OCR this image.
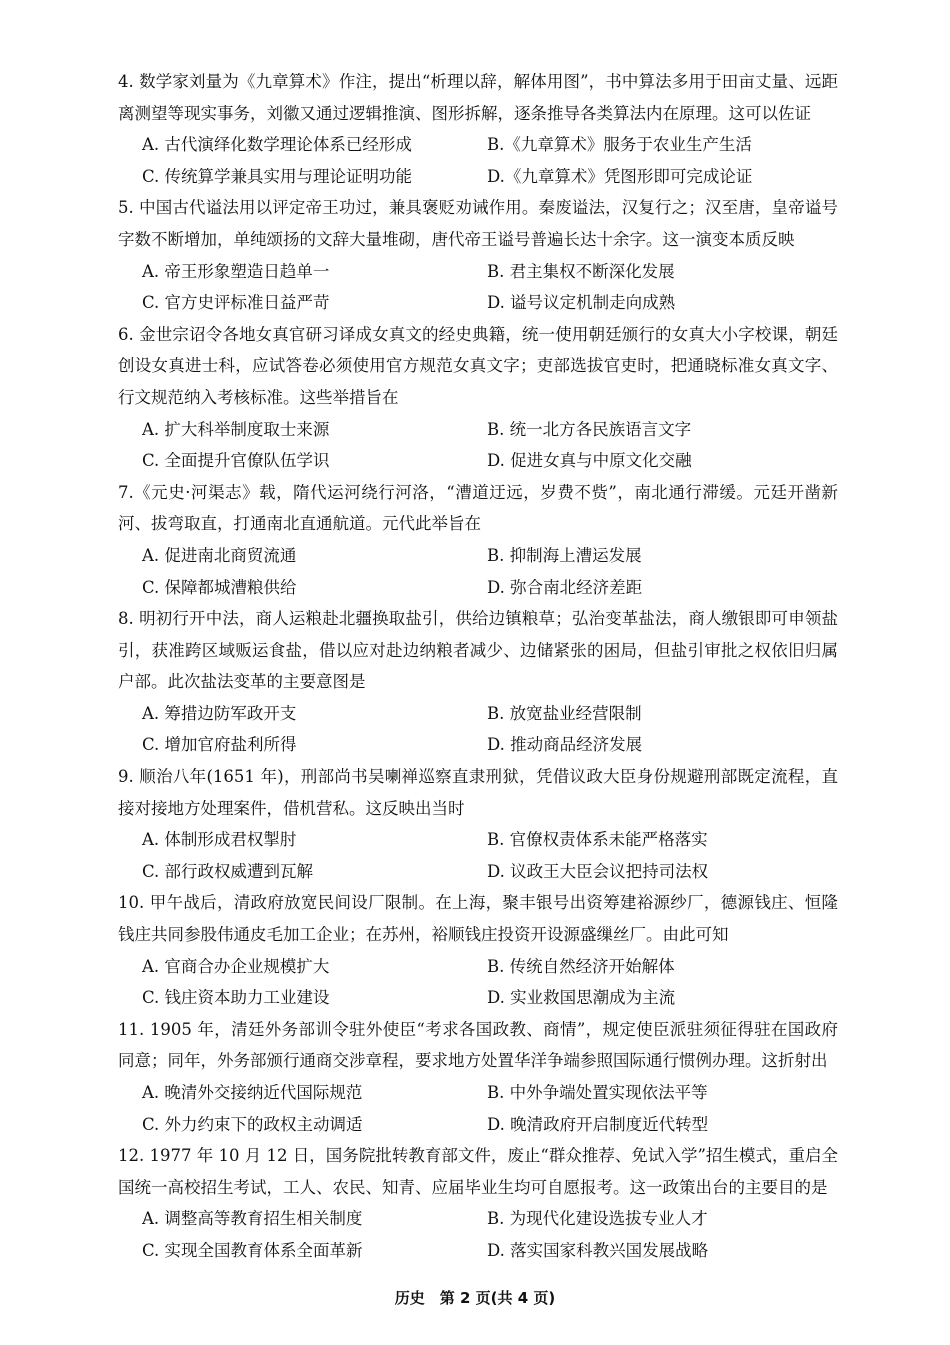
4. 数学家刘量为《九章算术》作注，提出“析理以辞，解体用图”，书中算法多用于田亩丈量、远距离测望等现实事务，刘徽又通过逻辑推演、图形拆解，逐条推导各类算法内在原理。这可以佐证

A. 古代演绎化数学理论体系已经形成	B.《九章算术》服务于农业生产生活
C. 传统算学兼具实用与理论证明功能	D.《九章算术》凭图形即可完成论证

5. 中国古代谥法用以评定帝王功过，兼具褒贬劝诫作用。秦废谥法，汉复行之；汉至唐，皇帝谥号字数不断增加，单纯颂扬的文辞大量堆砌，唐代帝王谥号普遍长达十余字。这一演变本质反映

A. 帝王形象塑造日趋单一	B. 君主集权不断深化发展
C. 官方史评标准日益严苛	D. 谥号议定机制走向成熟

6. 金世宗诏令各地女真官研习译成女真文的经史典籍，统一使用朝廷颁行的女真大小字校课，朝廷创设女真进士科，应试答卷必须使用官方规范女真文字；吏部选拔官吏时，把通晓标准女真文字、行文规范纳入考核标准。这些举措旨在

A. 扩大科举制度取士来源	B. 统一北方各民族语言文字
C. 全面提升官僚队伍学识	D. 促进女真与中原文化交融

7.《元史·河渠志》载，隋代运河绕行河洛，“漕道迂远，岁费不赀”，南北通行滞缓。元廷开凿新河、拔弯取直，打通南北直通航道。元代此举旨在

A. 促进南北商贸流通	B. 抑制海上漕运发展
C. 保障都城漕粮供给	D. 弥合南北经济差距

8. 明初行开中法，商人运粮赴北疆换取盐引，供给边镇粮草；弘治变革盐法，商人缴银即可申领盐引，获准跨区域贩运食盐，借以应对赴边纳粮者减少、边储紧张的困局，但盐引审批之权依旧归属户部。此次盐法变革的主要意图是

A. 筹措边防军政开支	B. 放宽盐业经营限制
C. 增加官府盐利所得	D. 推动商品经济发展

9. 顺治八年(1651 年)，刑部尚书吴喇禅巡察直隶刑狱，凭借议政大臣身份规避刑部既定流程，直接对接地方处理案件，借机营私。这反映出当时

A. 体制形成君权掣肘	B. 官僚权责体系未能严格落实
C. 部行政权威遭到瓦解	D. 议政王大臣会议把持司法权

10. 甲午战后，清政府放宽民间设厂限制。在上海，聚丰银号出资筹建裕源纱厂，德源钱庄、恒隆钱庄共同参股伟通皮毛加工企业；在苏州，裕顺钱庄投资开设源盛缫丝厂。由此可知

A. 官商合办企业规模扩大	B. 传统自然经济开始解体
C. 钱庄资本助力工业建设	D. 实业救国思潮成为主流

11. 1905 年，清廷外务部训令驻外使臣“考求各国政教、商情”，规定使臣派驻须征得驻在国政府同意；同年，外务部颁行通商交涉章程，要求地方处置华洋争端参照国际通行惯例办理。这折射出

A. 晚清外交接纳近代国际规范	B. 中外争端处置实现依法平等
C. 外力约束下的政权主动调适	D. 晚清政府开启制度近代转型

12. 1977 年 10 月 12 日，国务院批转教育部文件，废止“群众推荐、免试入学”招生模式，重启全国统一高校招生考试，工人、农民、知青、应届毕业生均可自愿报考。这一政策出台的主要目的是

A. 调整高等教育招生相关制度	B. 为现代化建设选拔专业人才
C. 实现全国教育体系全面革新	D. 落实国家科教兴国发展战略
历史　第 2 页(共 4 页)
